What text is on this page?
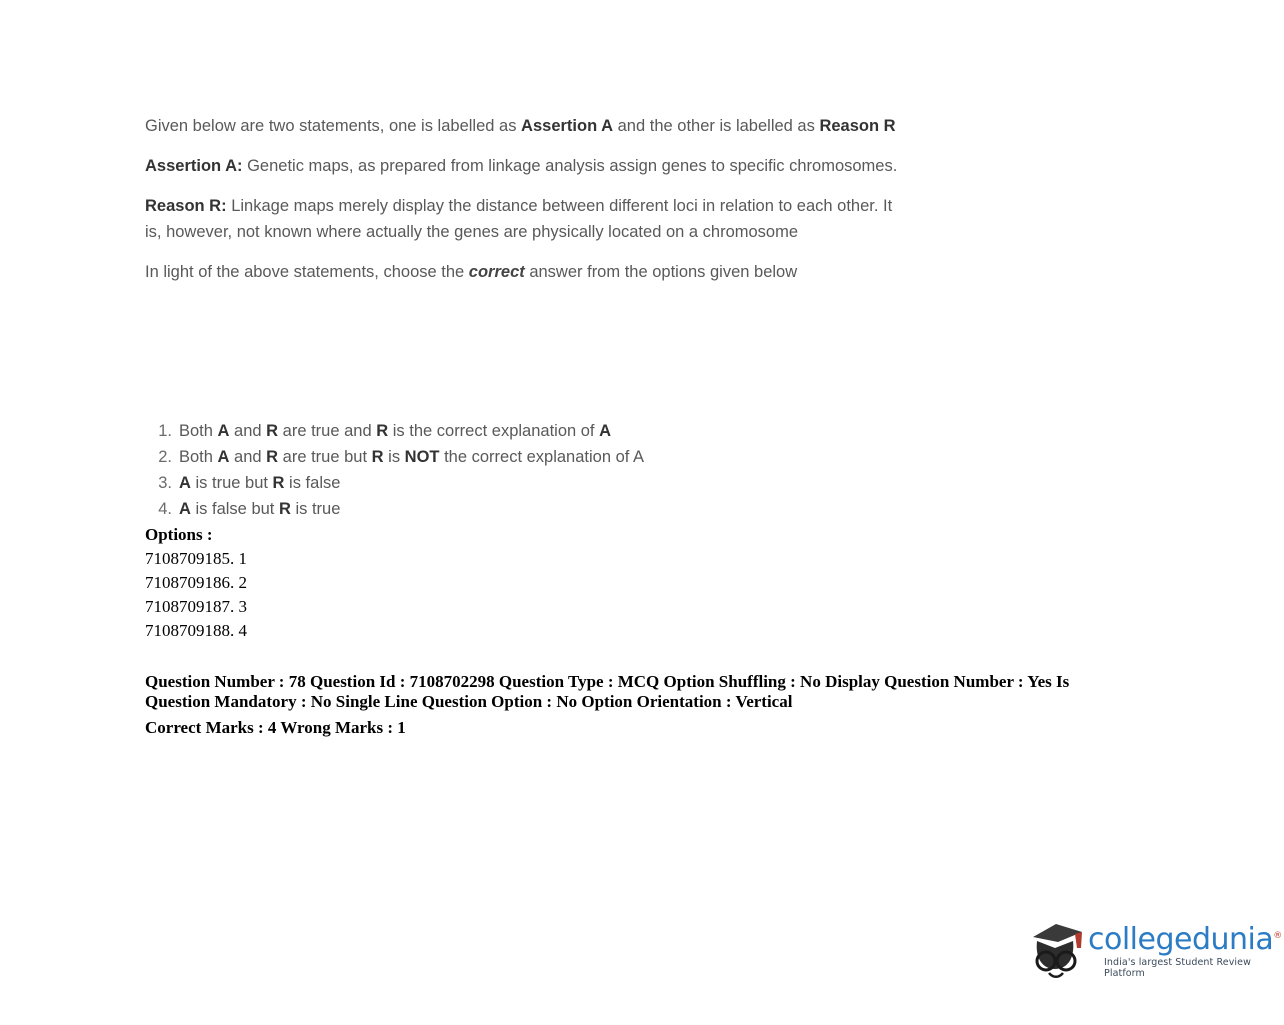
Given below are two statements, one is labelled as Assertion A and the other is labelled as Reason R

Assertion A: Genetic maps, as prepared from linkage analysis assign genes to specific chromosomes.

Reason R: Linkage maps merely display the distance between different loci in relation to each other. It is, however, not known where actually the genes are physically located on a chromosome

In light of the above statements, choose the correct answer from the options given below

1. Both A and R are true and R is the correct explanation of A
2. Both A and R are true but R is NOT the correct explanation of A
3. A is true but R is false
4. A is false but R is true
Options :
7108709185. 1
7108709186. 2
7108709187. 3
7108709188. 4
Question Number : 78 Question Id : 7108702298 Question Type : MCQ Option Shuffling : No Display Question Number : Yes Is Question Mandatory : No Single Line Question Option : No Option Orientation : Vertical
Correct Marks : 4 Wrong Marks : 1
collegedunia®
India's largest Student Review Platform
